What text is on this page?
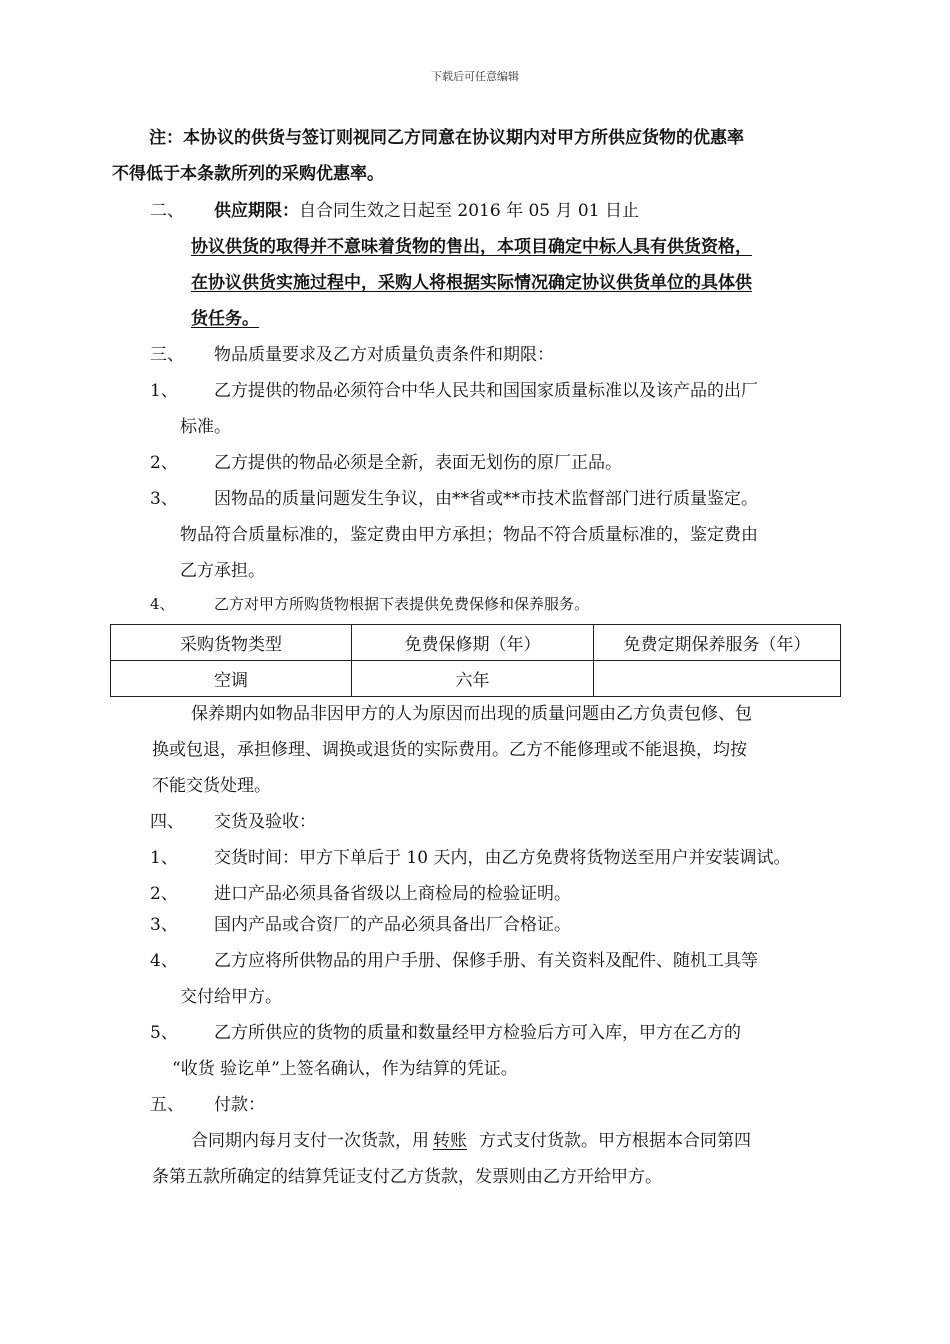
下载后可任意编辑
注：本协议的供货与签订则视同乙方同意在协议期内对甲方所供应货物的优惠率
不得低于本条款所列的采购优惠率。
二、 供应期限：自合同生效之日起至 2016 年 05 月 01 日止
协议供货的取得并不意味着货物的售出，本项目确定中标人具有供货资格，
在协议供货实施过程中，采购人将根据实际情况确定协议供货单位的具体供
货任务。
三、 物品质量要求及乙方对质量负责条件和期限：
1、 乙方提供的物品必须符合中华人民共和国国家质量标准以及该产品的出厂
标准。
2、 乙方提供的物品必须是全新，表面无划伤的原厂正品。
3、 因物品的质量问题发生争议，由**省或**市技术监督部门进行质量鉴定。
物品符合质量标准的，鉴定费由甲方承担；物品不符合质量标准的，鉴定费由
乙方承担。
4、	乙方对甲方所购货物根据下表提供免费保修和保养服务。
采购货物类型	免费保修期（年）	免费定期保养服务（年）
空调	六年	
保养期内如物品非因甲方的人为原因而出现的质量问题由乙方负责包修、包
换或包退，承担修理、调换或退货的实际费用。乙方不能修理或不能退换，均按
不能交货处理。
四、 交货及验收：
1、 交货时间：甲方下单后于 10 天内，由乙方免费将货物送至用户并安装调试。
2、 进口产品必须具备省级以上商检局的检验证明。
3、 国内产品或合资厂的产品必须具备出厂合格证。
4、 乙方应将所供物品的用户手册、保修手册、有关资料及配件、随机工具等
交付给甲方。
5、 乙方所供应的货物的质量和数量经甲方检验后方可入库，甲方在乙方的
“收货 验讫单”上签名确认，作为结算的凭证。
五、 付款：
合同期内每月支付一次货款，用 转账 方式支付货款。甲方根据本合同第四
条第五款所确定的结算凭证支付乙方货款，发票则由乙方开给甲方。
